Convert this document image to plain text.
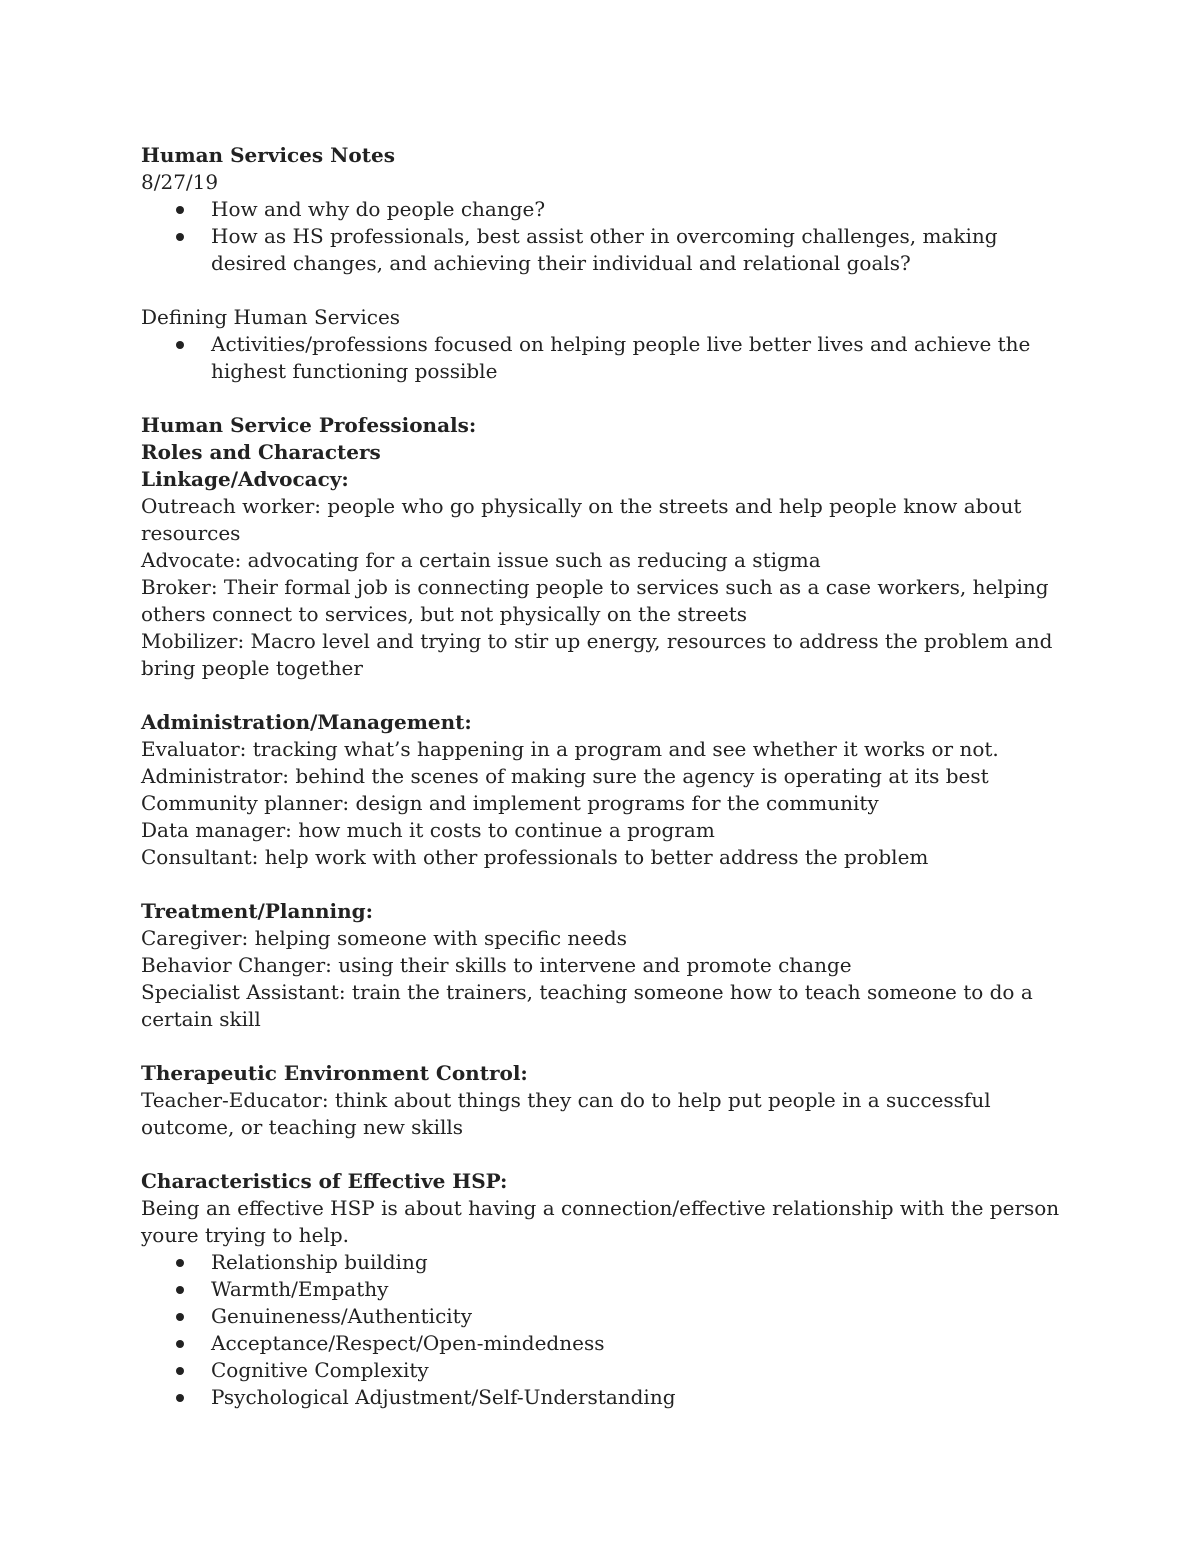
Human Services Notes

8/27/19

How and why do people change?
How as HS professionals, best assist other in overcoming challenges, making desired changes, and achieving their individual and relational goals?

Defining Human Services

Activities/professions focused on helping people live better lives and achieve the highest functioning possible

Human Service Professionals:

Roles and Characters

Linkage/Advocacy:

Outreach worker: people who go physically on the streets and help people know about resources

Advocate: advocating for a certain issue such as reducing a stigma

Broker: Their formal job is connecting people to services such as a case workers, helping others connect to services, but not physically on the streets

Mobilizer: Macro level and trying to stir up energy, resources to address the problem and bring people together

Administration/Management:

Evaluator: tracking what’s happening in a program and see whether it works or not.

Administrator: behind the scenes of making sure the agency is operating at its best

Community planner: design and implement programs for the community

Data manager: how much it costs to continue a program

Consultant: help work with other professionals to better address the problem

Treatment/Planning:

Caregiver: helping someone with specific needs

Behavior Changer: using their skills to intervene and promote change

Specialist Assistant: train the trainers, teaching someone how to teach someone to do a certain skill

Therapeutic Environment Control:

Teacher-Educator: think about things they can do to help put people in a successful outcome, or teaching new skills

Characteristics of Effective HSP:

Being an effective HSP is about having a connection/effective relationship with the person youre trying to help.

Relationship building
Warmth/Empathy
Genuineness/Authenticity
Acceptance/Respect/Open-mindedness
Cognitive Complexity
Psychological Adjustment/Self-Understanding
